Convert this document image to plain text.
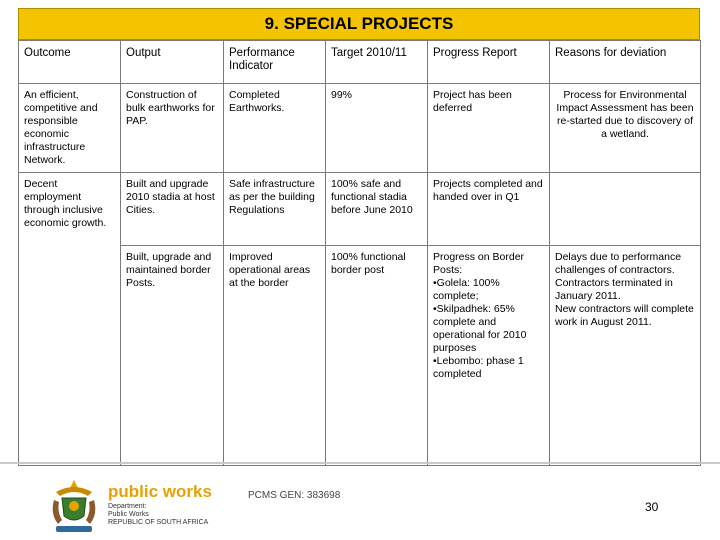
9. SPECIAL PROJECTS
Outcome	Output	Performance Indicator	Target 2010/11	Progress Report	Reasons for deviation
An efficient, competitive and responsible economic infrastructure Network.	Construction of bulk earthworks for PAP.	Completed Earthworks.	99%	Project has been deferred	Process for Environmental Impact Assessment has been re-started due to discovery of a wetland.
Decent employment through inclusive economic growth.	Built and upgrade 2010 stadia at host Cities.	Safe infrastructure as per the building Regulations	100% safe and functional stadia before June 2010	Projects completed and handed over in Q1	
	Built, upgrade and maintained border Posts.	Improved operational areas at the border	100% functional border post	Progress on Border Posts:
•Golela: 100% complete;
•Skilpadhek: 65% complete and operational for 2010 purposes
•Lebombo: phase 1 completed	Delays due to performance challenges of contractors. Contractors terminated in January 2011.
New contractors will complete work in August 2011.
public works
Department:
Public Works
REPUBLIC OF SOUTH AFRICA
PCMS GEN: 383698
30
